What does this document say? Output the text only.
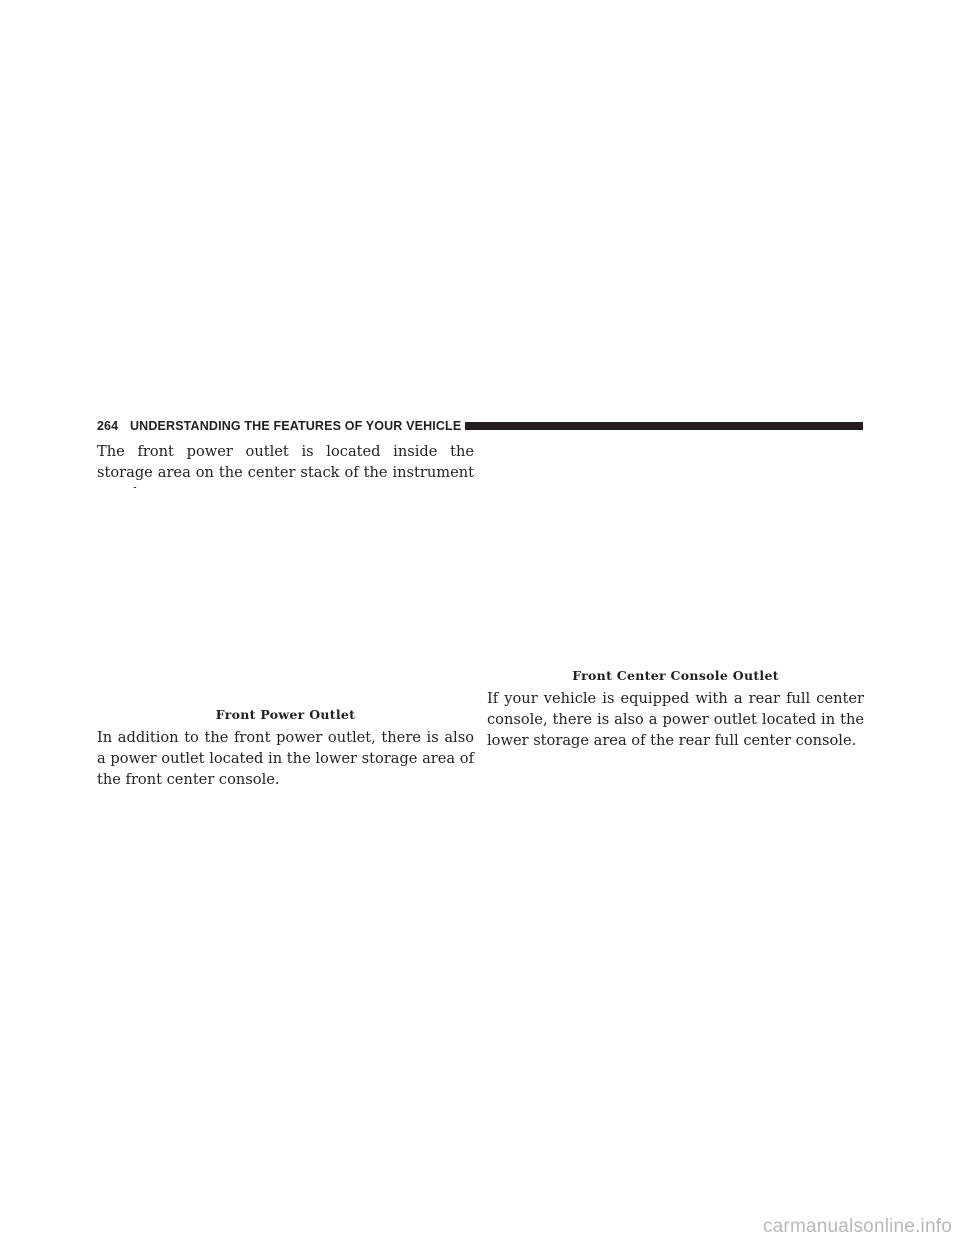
264 UNDERSTANDING THE FEATURES OF YOUR VEHICLE

The front power outlet is located inside the storage area on the center stack of the instrument

Front Power Outlet

In addition to the front power outlet, there is also a power outlet located in the lower storage area of the front center console.

Front Center Console Outlet

If your vehicle is equipped with a rear full center console, there is also a power outlet located in the lower storage area of the rear full center console.

carmanualsonline.info
